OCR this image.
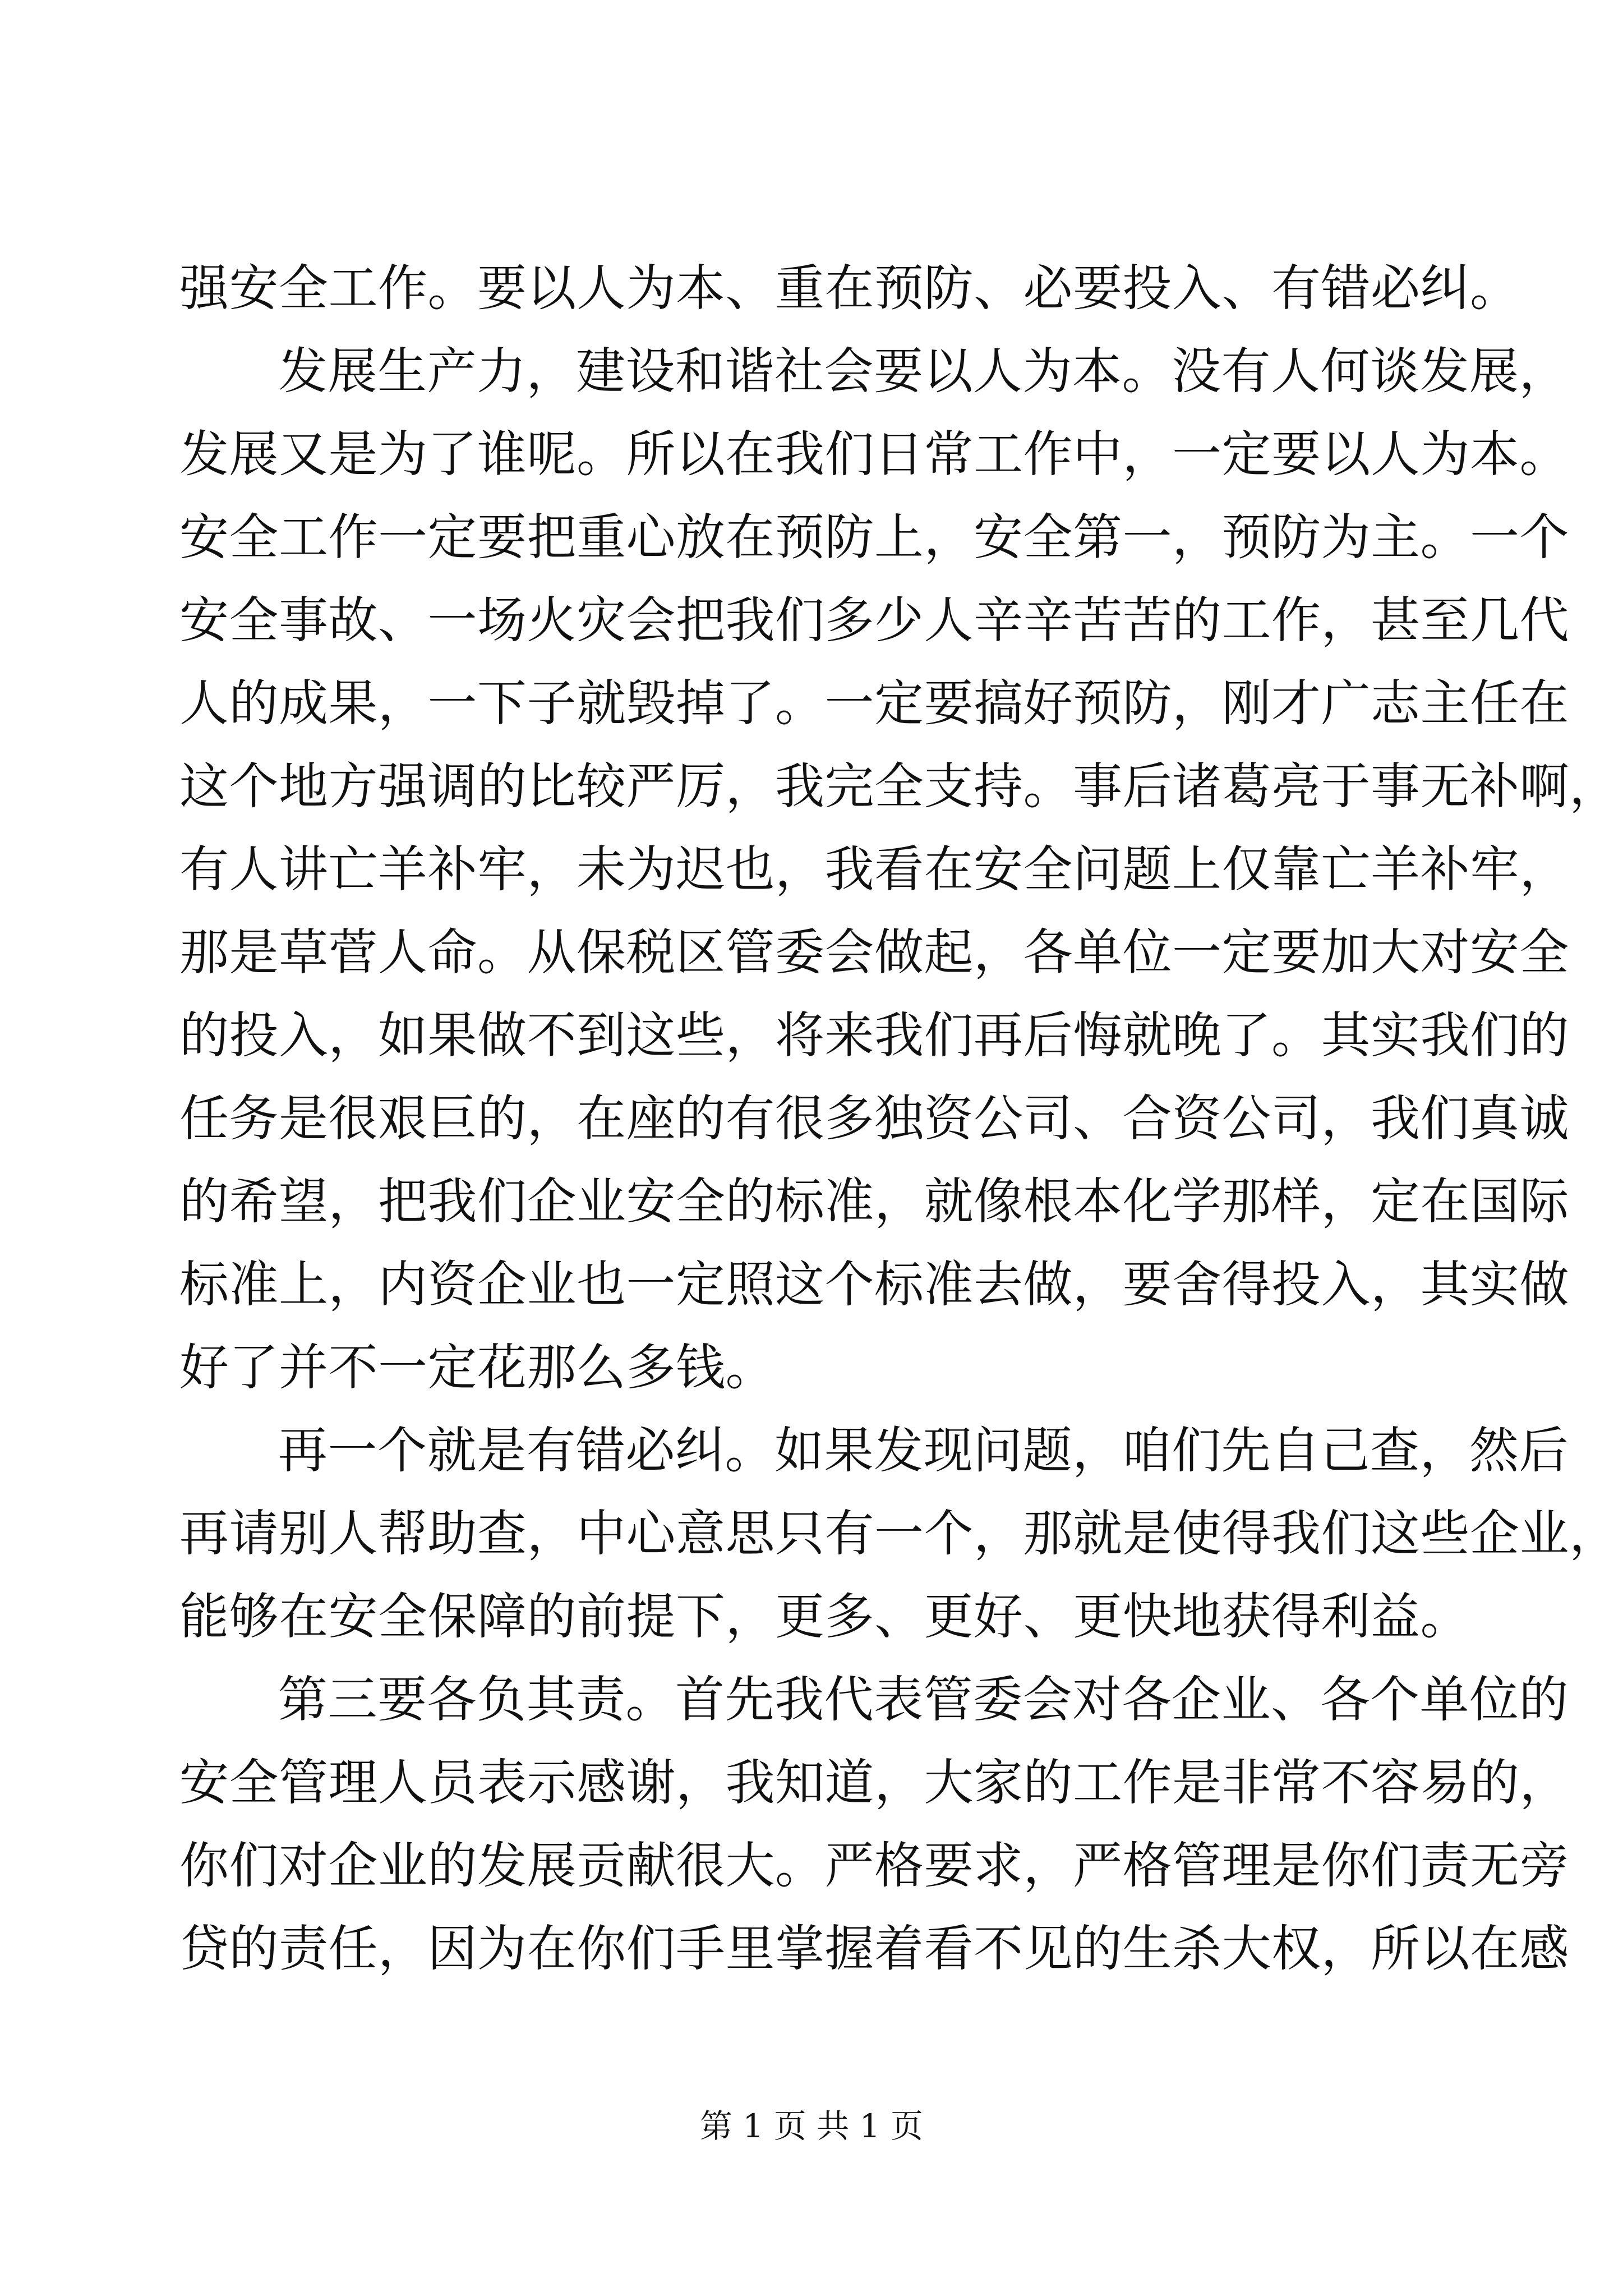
强安全工作。要以人为本、重在预防、必要投入、有错必纠。
发展生产力，建设和谐社会要以人为本。没有人何谈发展，
发展又是为了谁呢。所以在我们日常工作中，一定要以人为本。
安全工作一定要把重心放在预防上，安全第一，预防为主。一个
安全事故、一场火灾会把我们多少人辛辛苦苦的工作，甚至几代
人的成果，一下子就毁掉了。一定要搞好预防，刚才广志主任在
这个地方强调的比较严厉，我完全支持。事后诸葛亮于事无补啊，
有人讲亡羊补牢，未为迟也，我看在安全问题上仅靠亡羊补牢，
那是草菅人命。从保税区管委会做起，各单位一定要加大对安全
的投入，如果做不到这些，将来我们再后悔就晚了。其实我们的
任务是很艰巨的，在座的有很多独资公司、合资公司，我们真诚
的希望，把我们企业安全的标准，就像根本化学那样，定在国际
标准上，内资企业也一定照这个标准去做，要舍得投入，其实做
好了并不一定花那么多钱。
再一个就是有错必纠。如果发现问题，咱们先自己查，然后
再请别人帮助查，中心意思只有一个，那就是使得我们这些企业，
能够在安全保障的前提下，更多、更好、更快地获得利益。
第三要各负其责。首先我代表管委会对各企业、各个单位的
安全管理人员表示感谢，我知道，大家的工作是非常不容易的，
你们对企业的发展贡献很大。严格要求，严格管理是你们责无旁
贷的责任，因为在你们手里掌握着看不见的生杀大权，所以在感
第 1 页 共 1 页
